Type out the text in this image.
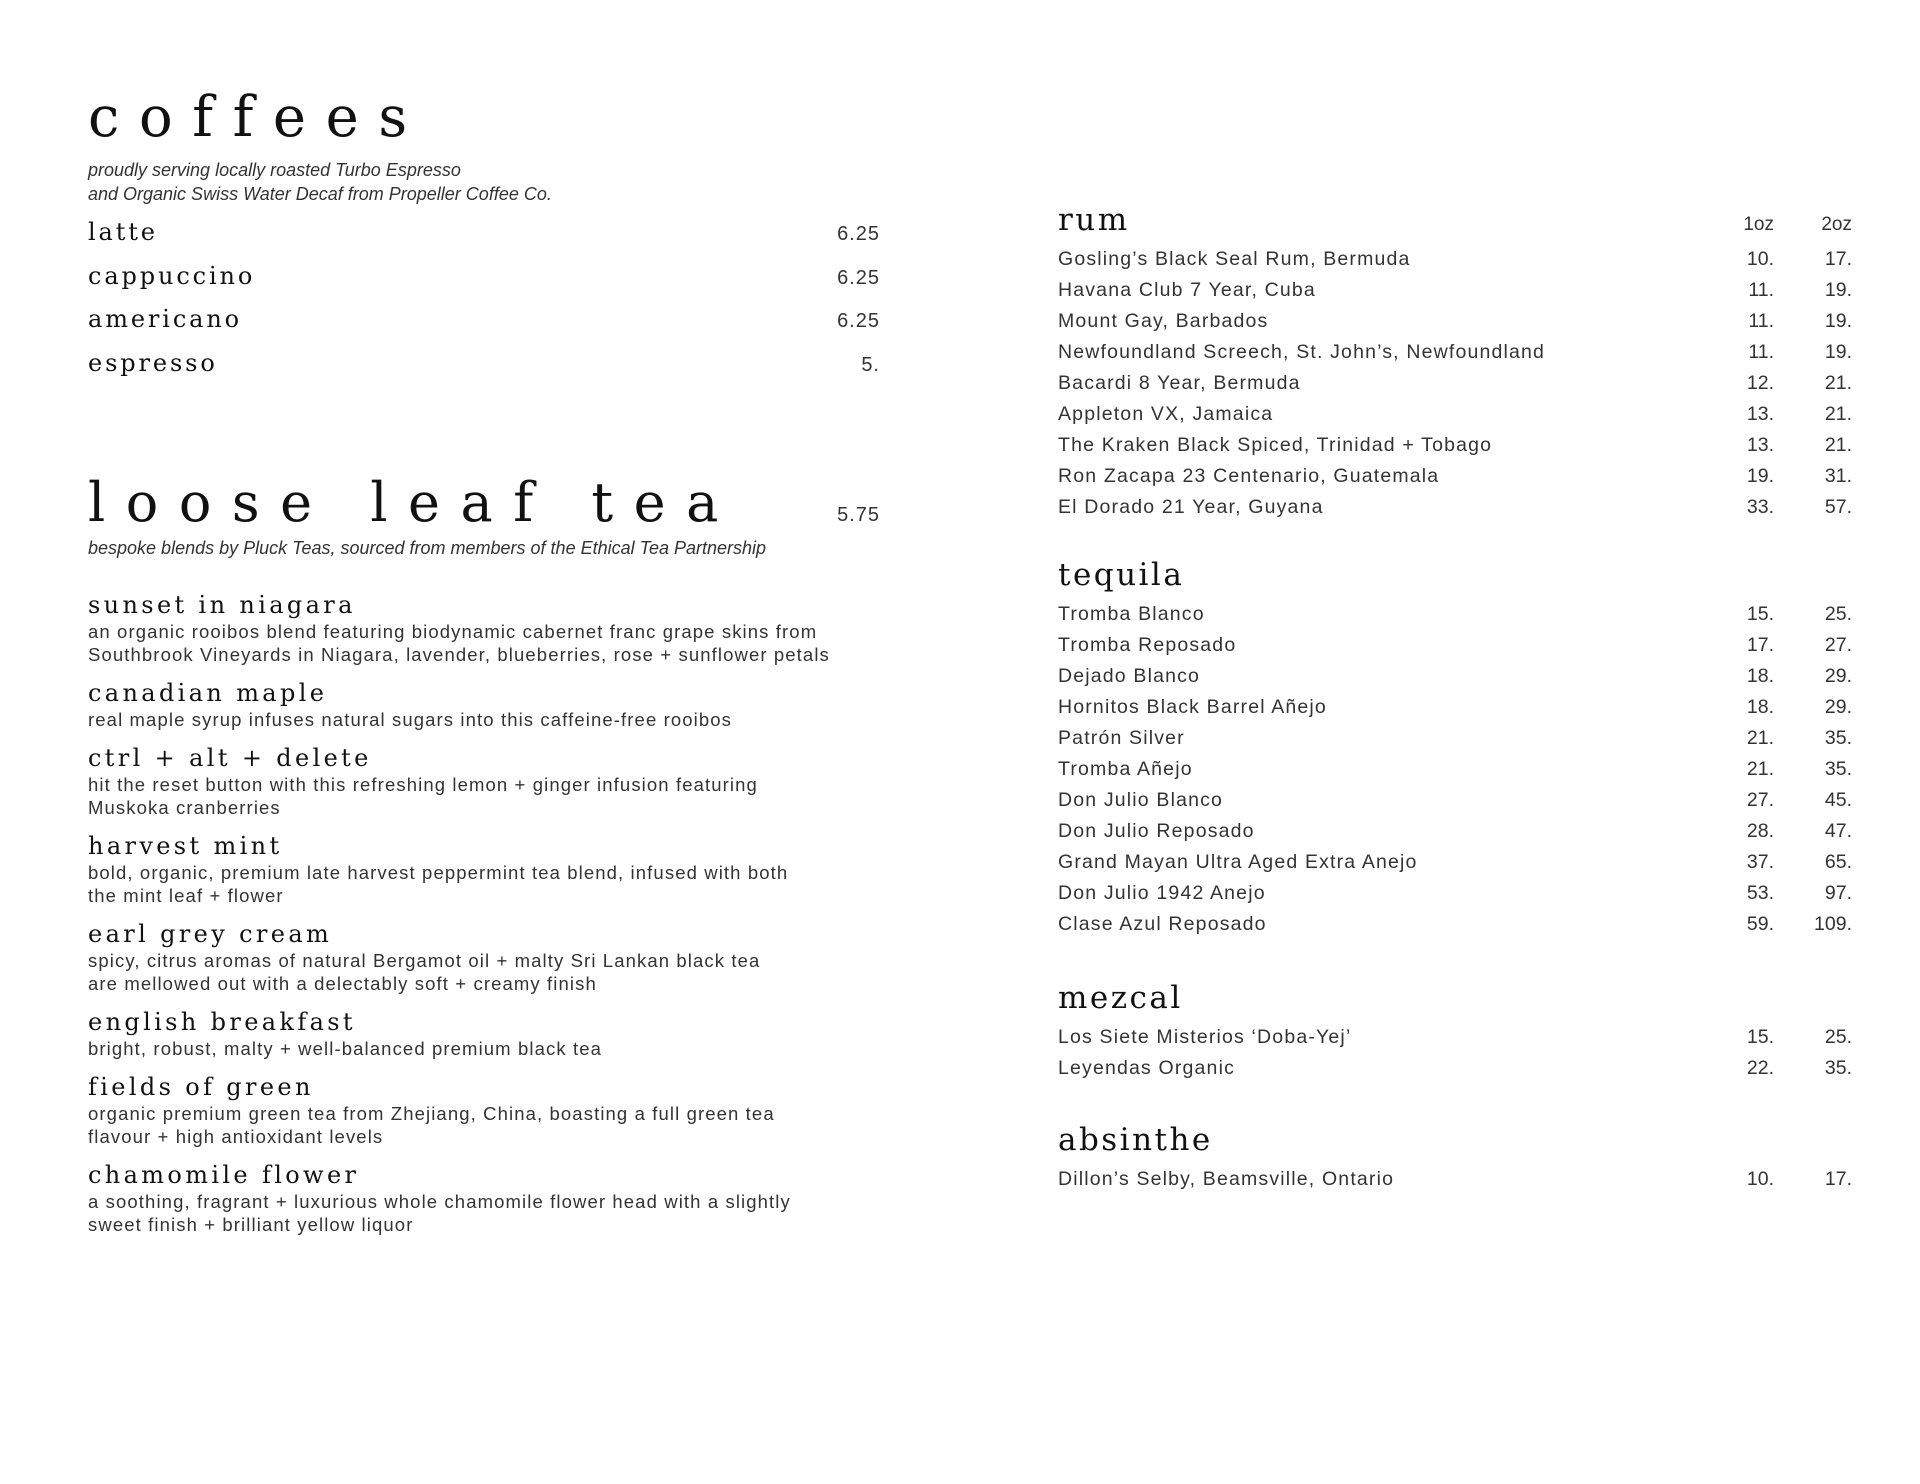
coffees

proudly serving locally roasted Turbo Espresso

and Organic Swiss Water Decaf from Propeller Coffee Co.

latte	6.25
cappuccino	6.25
americano	6.25
espresso	5.
loose leaf tea	5.75

bespoke blends by Pluck Teas, sourced from members of the Ethical Tea Partnership

sunset in niagara
an organic rooibos blend featuring biodynamic cabernet franc grape skins from
Southbrook Vineyards in Niagara, lavender, blueberries, rose + sunflower petals
canadian maple
real maple syrup infuses natural sugars into this caffeine-free rooibos
ctrl + alt + delete
hit the reset button with this refreshing lemon + ginger infusion featuring
Muskoka cranberries
harvest mint
bold, organic, premium late harvest peppermint tea blend, infused with both
the mint leaf + flower
earl grey cream
spicy, citrus aromas of natural Bergamot oil + malty Sri Lankan black tea
are mellowed out with a delectably soft + creamy finish
english breakfast
bright, robust, malty + well-balanced premium black tea
fields of green
organic premium green tea from Zhejiang, China, boasting a full green tea
flavour + high antioxidant levels
chamomile flower
a soothing, fragrant + luxurious whole chamomile flower head with a slightly
sweet finish + brilliant yellow liquor
rum	1oz	2oz
Gosling’s Black Seal Rum, Bermuda	10.	17.
Havana Club 7 Year, Cuba	11.	19.
Mount Gay, Barbados	11.	19.
Newfoundland Screech, St. John’s, Newfoundland	11.	19.
Bacardi 8 Year, Bermuda	12.	21.
Appleton VX, Jamaica	13.	21.
The Kraken Black Spiced, Trinidad + Tobago	13.	21.
Ron Zacapa 23 Centenario, Guatemala	19.	31.
El Dorado 21 Year, Guyana	33.	57.
tequila
Tromba Blanco	15.	25.
Tromba Reposado	17.	27.
Dejado Blanco	18.	29.
Hornitos Black Barrel Añejo	18.	29.
Patrón Silver	21.	35.
Tromba Añejo	21.	35.
Don Julio Blanco	27.	45.
Don Julio Reposado	28.	47.
Grand Mayan Ultra Aged Extra Anejo	37.	65.
Don Julio 1942 Anejo	53.	97.
Clase Azul Reposado	59.	109.
mezcal
Los Siete Misterios ‘Doba-Yej’	15.	25.
Leyendas Organic	22.	35.
absinthe
Dillon’s Selby, Beamsville, Ontario	10.	17.
